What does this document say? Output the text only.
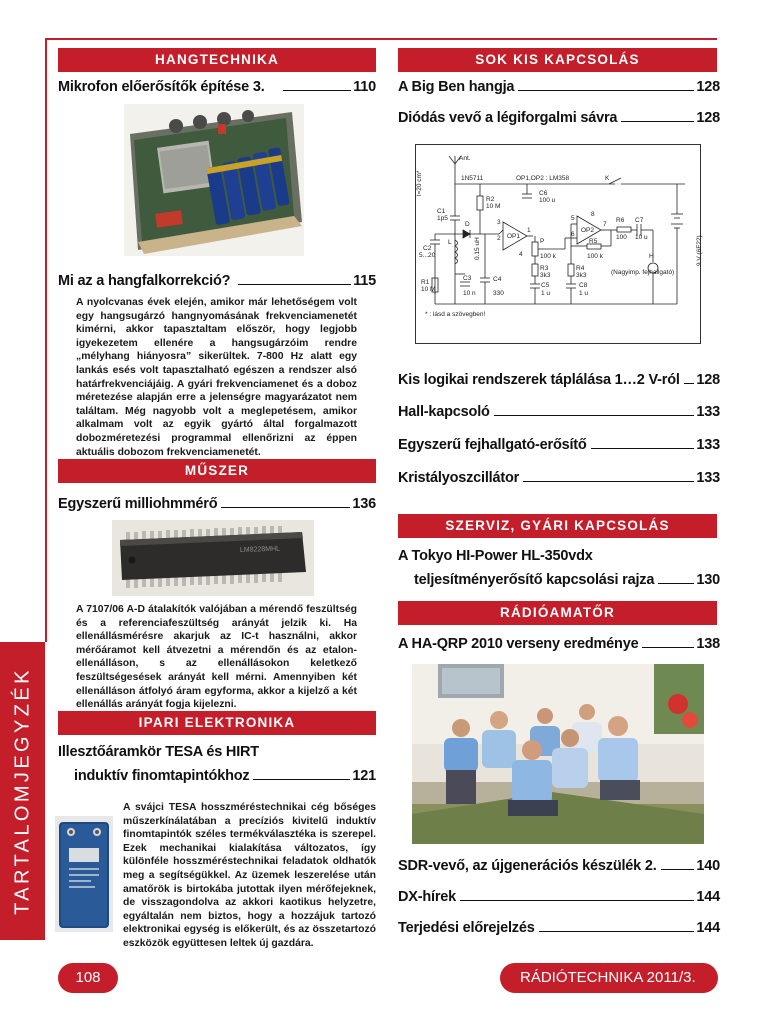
TARTALOMJEGYZÉK
HANGTECHNIKA
Mikrofon előerősítők építése 3.	110
Mi az a hangfalkorrekció?	115

A nyolcvanas évek elején, amikor már lehetőségem volt egy hangsugárzó hangnyomásának frekvenciamenetét kimérni, akkor tapasztaltam először, hogy legjobb igyekezetem ellenére a hangsugárzóim rendre „mélyhang hiányosra” sikerültek. 7-800 Hz alatt egy lankás esés volt tapasztalható egészen a rendszer alsó határfrekvenciájáig. A gyári frekvenciamenet és a doboz méretezése alapján erre a jelenségre magyarázatot nem találtam. Még nagyobb volt a meglepetésem, amikor alkalmam volt az egyik gyártó által forgalmazott dobozméretezési programmal ellenőrizni az éppen aktuális dobozom frekvenciamenetét.

MŰSZER
Egyszerű milliohmmérő	136
LM8228MHL

A 7107/06 A-D átalakítók valójában a mérendő feszültség és a referenciafeszültség arányát jelzik ki. Ha ellenállásmérésre akarjuk az IC-t használni, akkor mérőáramot kell átvezetni a mérendőn és az etalon-ellenálláson, s az ellenállásokon keletkező feszültségesések arányát kell mérni. Amennyiben két ellenálláson átfolyó áram egyforma, akkor a kijelző a két ellenállás arányát fogja kijelezni.

IPARI ELEKTRONIKA
Illesztőáramkör TESA és HIRT
induktív finomtapintókhoz	121

A svájci TESA hosszméréstechnikai cég bőséges műszerkínálatában a precíziós kivitelű induktív finomtapintók széles termékválasztéka is szerepel. Ezek mechanikai kialakítása változatos, így különféle hosszméréstechnikai feladatok oldhatók meg a segítségükkel. Az üzemek leszerelése után amatőrök is birtokába jutottak ilyen mérőfejeknek, de visszagondolva az akkori kaotikus helyzetre, egyáltalán nem biztos, hogy a hozzájuk tartozó elektronikai egység is előkerült, és az összetartozó eszközök együttesen leltek új gazdára.

SOK KIS KAPCSOLÁS
A Big Ben hangja	128
Diódás vevő a légiforgalmi sávra	128
Ant.
l=20 cm*	1N5711	OP1,OP2 : LM358	K
R2
10 M
C6
100 u
C1
1p5
D
OP1
OP2
R6
100
C7
10 u
R5
100 k
P
100 k
C2
5...20
L	0.15 uH
R3
3k3
R4
3k3
H
(Nagyimp. fejhallgató)
9 V (6F22)
R1
10 M
C3
10 n
C4
330
C5
1 u
C8
1 u
* : lásd a szövegben!
3
2
1
5
6
7
8
4
Kis logikai rendszerek táplálása 1…2 V-ról 128
Hall-kapcsoló	133
Egyszerű fejhallgató-erősítő	133
Kristályoszcillátor	133
SZERVIZ, GYÁRI KAPCSOLÁS
A Tokyo HI-Power HL-350vdx
teljesítményerősítő kapcsolási rajza	130
RÁDIÓAMATŐR
A HA-QRP 2010 verseny eredménye	138
SDR-vevő, az újgenerációs készülék 2.	140
DX-hírek	144
Terjedési előrejelzés	144
108	RÁDIÓTECHNIKA 2011/3.
